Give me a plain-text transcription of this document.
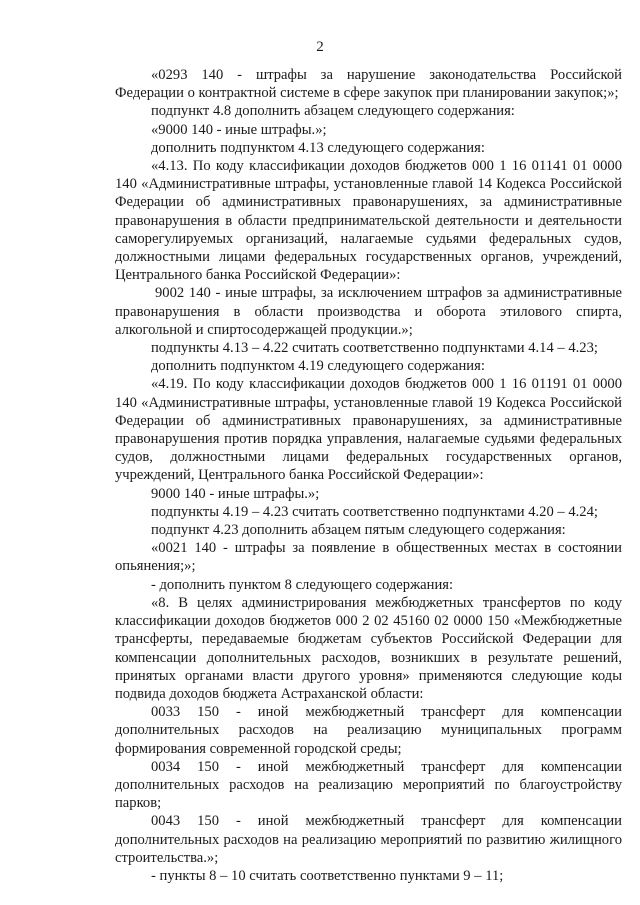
2

«0293 140 - штрафы за нарушение законодательства Российской Федерации о контрактной системе в сфере закупок при планировании закупок;»;

подпункт 4.8 дополнить абзацем следующего содержания:

«9000 140 - иные штрафы.»;

дополнить подпунктом 4.13 следующего содержания:

«4.13. По коду классификации доходов бюджетов 000 1 16 01141 01 0000 140 «Административные штрафы, установленные главой 14 Кодекса Российской Федерации об административных правонарушениях, за административные правонарушения в области предпринимательской деятельности и деятельности саморегулируемых организаций, налагаемые судьями федеральных судов, должностными лицами федеральных государственных органов, учреждений, Центрального банка Российской Федерации»:

9002 140 - иные штрафы, за исключением штрафов за административные правонарушения в области производства и оборота этилового спирта, алкогольной и спиртосодержащей продукции.»;

подпункты 4.13 – 4.22 считать соответственно подпунктами 4.14 – 4.23;

дополнить подпунктом 4.19 следующего содержания:

«4.19. По коду классификации доходов бюджетов 000 1 16 01191 01 0000 140 «Административные штрафы, установленные главой 19 Кодекса Российской Федерации об административных правонарушениях, за административные правонарушения против порядка управления, налагаемые судьями федеральных судов, должностными лицами федеральных государственных органов, учреждений, Центрального банка Российской Федерации»:

9000 140 - иные штрафы.»;

подпункты 4.19 – 4.23 считать соответственно подпунктами 4.20 – 4.24;

подпункт 4.23 дополнить абзацем пятым следующего содержания:

«0021 140 - штрафы за появление в общественных местах в состоянии опьянения;»;

- дополнить пунктом 8 следующего содержания:

«8. В целях администрирования межбюджетных трансфертов по коду классификации доходов бюджетов 000 2 02 45160 02 0000 150 «Межбюджетные трансферты, передаваемые бюджетам субъектов Российской Федерации для компенсации дополнительных расходов, возникших в результате решений, принятых органами власти другого уровня» применяются следующие коды подвида доходов бюджета Астраханской области:

0033 150 - иной межбюджетный трансферт для компенсации дополнительных расходов на реализацию муниципальных программ формирования современной городской среды;

0034 150 - иной межбюджетный трансферт для компенсации дополнительных расходов на реализацию мероприятий по благоустройству парков;

0043 150 - иной межбюджетный трансферт для компенсации дополнительных расходов на реализацию мероприятий по развитию жилищного строительства.»;

- пункты 8 – 10 считать соответственно пунктами 9 – 11;
